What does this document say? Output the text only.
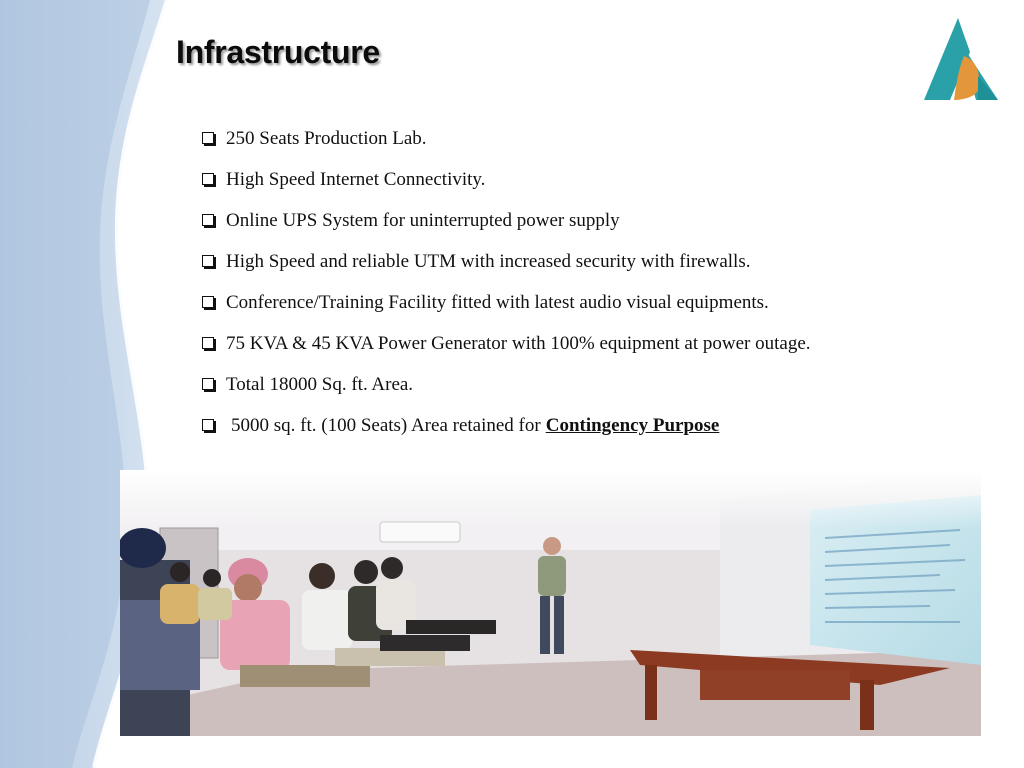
Infrastructure
250 Seats Production Lab.
High Speed Internet Connectivity.
Online UPS System for uninterrupted power supply
High Speed and reliable UTM with increased security with firewalls.
Conference/Training Facility fitted with latest audio visual equipments.
75 KVA & 45 KVA Power Generator with 100% equipment at power outage.
Total 18000 Sq. ft. Area.
5000 sq. ft. (100 Seats) Area retained for Contingency Purpose
